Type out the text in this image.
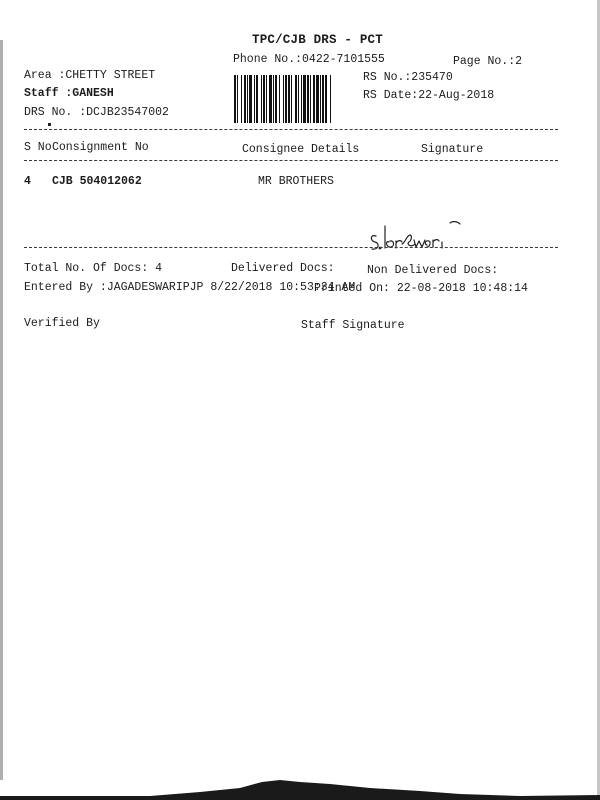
TPC/CJB DRS - PCT
Phone No.:0422-7101555	Page No.:2
Area :CHETTY STREET
Staff :GANESH
DRS No. :DCJB23547002
RS No.:235470
RS Date:22-Aug-2018
S No Consignment No	Consignee Details	Signature
4 CJB 504012062	MR BROTHERS
Total No. Of Docs: 4	Delivered Docs:	Non Delivered Docs:
Entered By :JAGADESWARIPJP 8/22/2018 10:53:34 AM
Printed On: 22-08-2018 10:48:14
Verified By	Staff Signature
